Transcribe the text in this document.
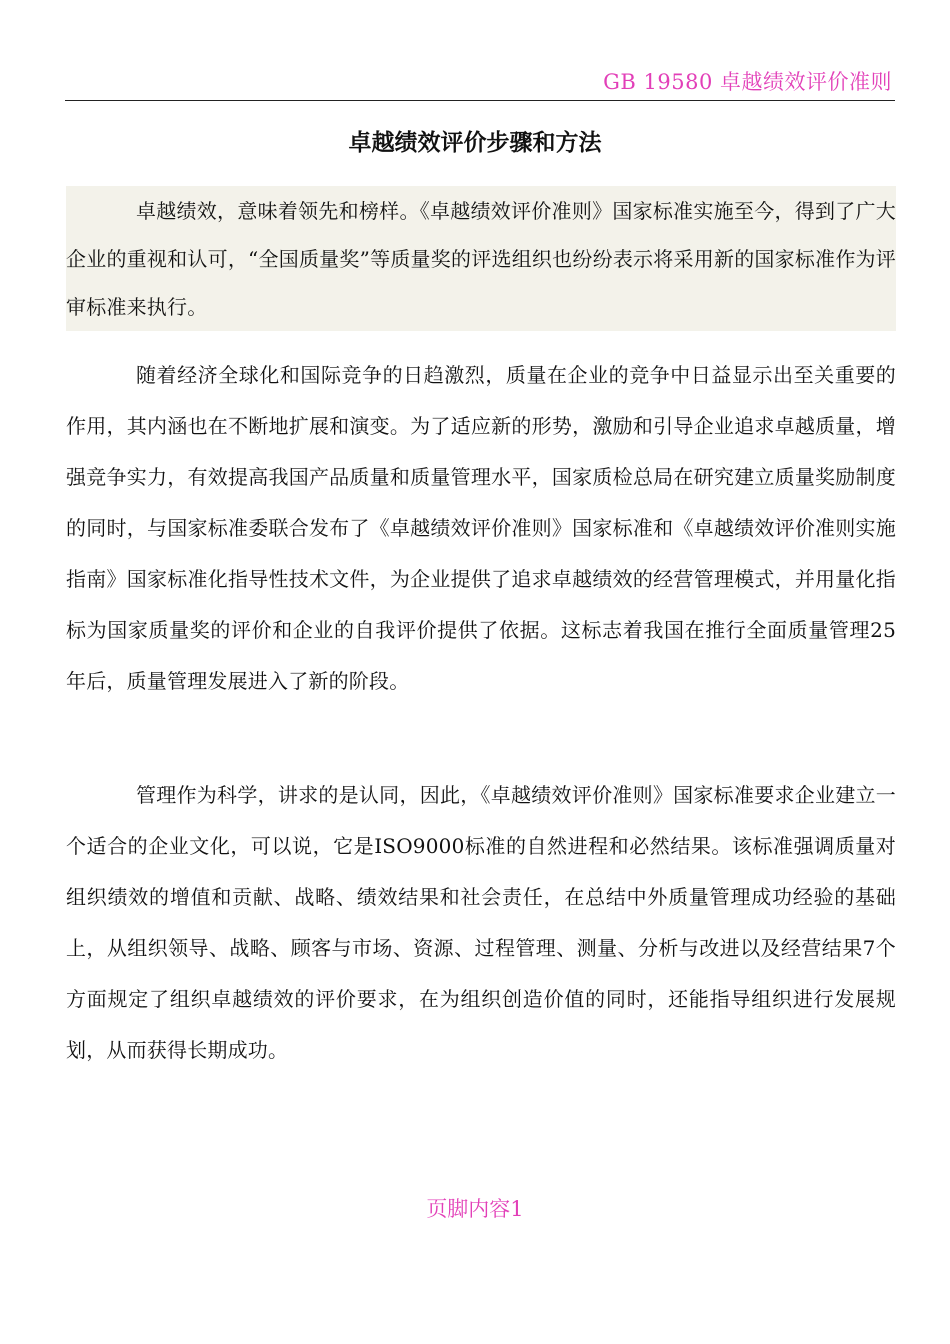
GB 19580 卓越绩效评价准则
卓越绩效评价步骤和方法
卓越绩效，意味着领先和榜样。《卓越绩效评价准则》国家标准实施至今，得到了广大企业的重视和认可，“全国质量奖”等质量奖的评选组织也纷纷表示将采用新的国家标准作为评审标准来执行。
随着经济全球化和国际竞争的日趋激烈，质量在企业的竞争中日益显示出至关重要的作用，其内涵也在不断地扩展和演变。为了适应新的形势，激励和引导企业追求卓越质量，增强竞争实力，有效提高我国产品质量和质量管理水平，国家质检总局在研究建立质量奖励制度的同时，与国家标准委联合发布了《卓越绩效评价准则》国家标准和《卓越绩效评价准则实施指南》国家标准化指导性技术文件，为企业提供了追求卓越绩效的经营管理模式，并用量化指标为国家质量奖的评价和企业的自我评价提供了依据。这标志着我国在推行全面质量管理25年后，质量管理发展进入了新的阶段。
管理作为科学，讲求的是认同，因此，《卓越绩效评价准则》国家标准要求企业建立一个适合的企业文化，可以说，它是ISO9000标准的自然进程和必然结果。该标准强调质量对组织绩效的增值和贡献、战略、绩效结果和社会责任，在总结中外质量管理成功经验的基础上，从组织领导、战略、顾客与市场、资源、过程管理、测量、分析与改进以及经营结果7个方面规定了组织卓越绩效的评价要求，在为组织创造价值的同时，还能指导组织进行发展规划，从而获得长期成功。
页脚内容1
